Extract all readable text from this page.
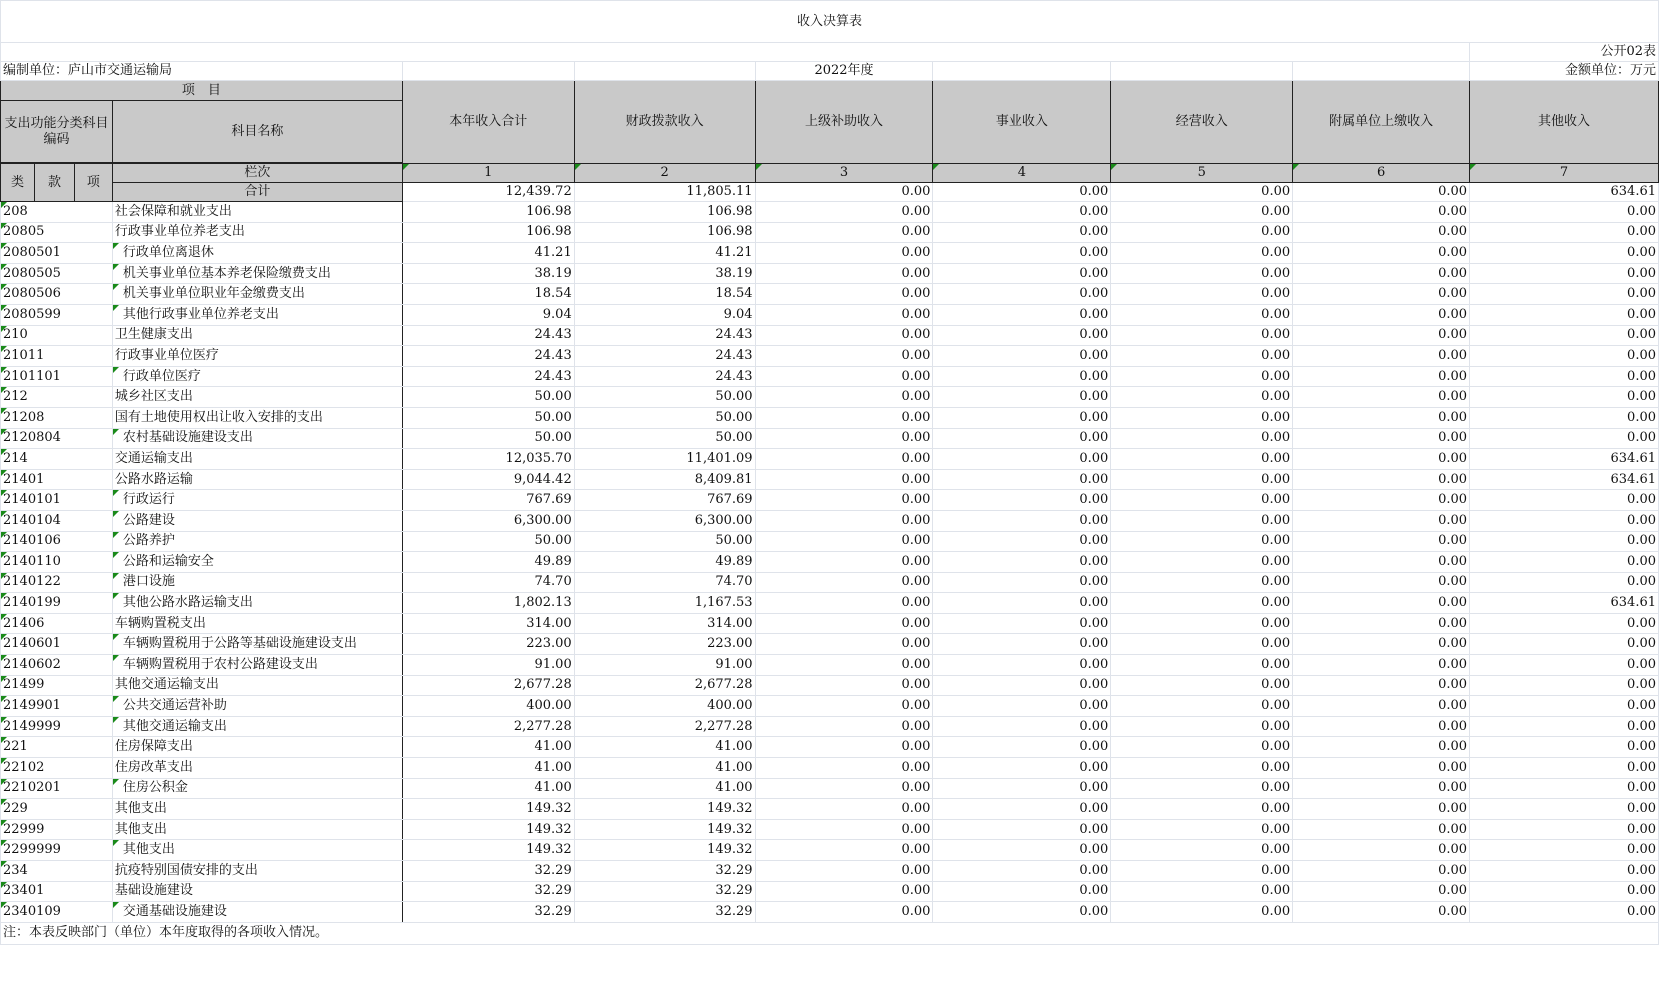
收入决算表										
										公开02表
编制单位：庐山市交通运输局						2022年度				金额单位：万元
项　目				本年收入合计	财政拨款收入	上级补助收入	事业收入	经营收入	附属单位上缴收入	其他收入
支出功能分类科目编码			科目名称							

类	款	项	栏次	1	2	3	4	5	6	7
			合计	12,439.72	11,805.11	0.00	0.00	0.00	0.00	634.61
208			社会保障和就业支出	106.98	106.98	0.00	0.00	0.00	0.00	0.00
20805			行政事业单位养老支出	106.98	106.98	0.00	0.00	0.00	0.00	0.00
2080501			行政单位离退休	41.21	41.21	0.00	0.00	0.00	0.00	0.00
2080505			机关事业单位基本养老保险缴费支出	38.19	38.19	0.00	0.00	0.00	0.00	0.00
2080506			机关事业单位职业年金缴费支出	18.54	18.54	0.00	0.00	0.00	0.00	0.00
2080599			其他行政事业单位养老支出	9.04	9.04	0.00	0.00	0.00	0.00	0.00
210			卫生健康支出	24.43	24.43	0.00	0.00	0.00	0.00	0.00
21011			行政事业单位医疗	24.43	24.43	0.00	0.00	0.00	0.00	0.00
2101101			行政单位医疗	24.43	24.43	0.00	0.00	0.00	0.00	0.00
212			城乡社区支出	50.00	50.00	0.00	0.00	0.00	0.00	0.00
21208			国有土地使用权出让收入安排的支出	50.00	50.00	0.00	0.00	0.00	0.00	0.00
2120804			农村基础设施建设支出	50.00	50.00	0.00	0.00	0.00	0.00	0.00
214			交通运输支出	12,035.70	11,401.09	0.00	0.00	0.00	0.00	634.61
21401			公路水路运输	9,044.42	8,409.81	0.00	0.00	0.00	0.00	634.61
2140101			行政运行	767.69	767.69	0.00	0.00	0.00	0.00	0.00
2140104			公路建设	6,300.00	6,300.00	0.00	0.00	0.00	0.00	0.00
2140106			公路养护	50.00	50.00	0.00	0.00	0.00	0.00	0.00
2140110			公路和运输安全	49.89	49.89	0.00	0.00	0.00	0.00	0.00
2140122			港口设施	74.70	74.70	0.00	0.00	0.00	0.00	0.00
2140199			其他公路水路运输支出	1,802.13	1,167.53	0.00	0.00	0.00	0.00	634.61
21406			车辆购置税支出	314.00	314.00	0.00	0.00	0.00	0.00	0.00
2140601			车辆购置税用于公路等基础设施建设支出	223.00	223.00	0.00	0.00	0.00	0.00	0.00
2140602			车辆购置税用于农村公路建设支出	91.00	91.00	0.00	0.00	0.00	0.00	0.00
21499			其他交通运输支出	2,677.28	2,677.28	0.00	0.00	0.00	0.00	0.00
2149901			公共交通运营补助	400.00	400.00	0.00	0.00	0.00	0.00	0.00
2149999			其他交通运输支出	2,277.28	2,277.28	0.00	0.00	0.00	0.00	0.00
221			住房保障支出	41.00	41.00	0.00	0.00	0.00	0.00	0.00
22102			住房改革支出	41.00	41.00	0.00	0.00	0.00	0.00	0.00
2210201			住房公积金	41.00	41.00	0.00	0.00	0.00	0.00	0.00
229			其他支出	149.32	149.32	0.00	0.00	0.00	0.00	0.00
22999			其他支出	149.32	149.32	0.00	0.00	0.00	0.00	0.00
2299999			其他支出	149.32	149.32	0.00	0.00	0.00	0.00	0.00
234			抗疫特别国债安排的支出	32.29	32.29	0.00	0.00	0.00	0.00	0.00
23401			基础设施建设	32.29	32.29	0.00	0.00	0.00	0.00	0.00
2340109			交通基础设施建设	32.29	32.29	0.00	0.00	0.00	0.00	0.00
注：本表反映部门（单位）本年度取得的各项收入情况。										
